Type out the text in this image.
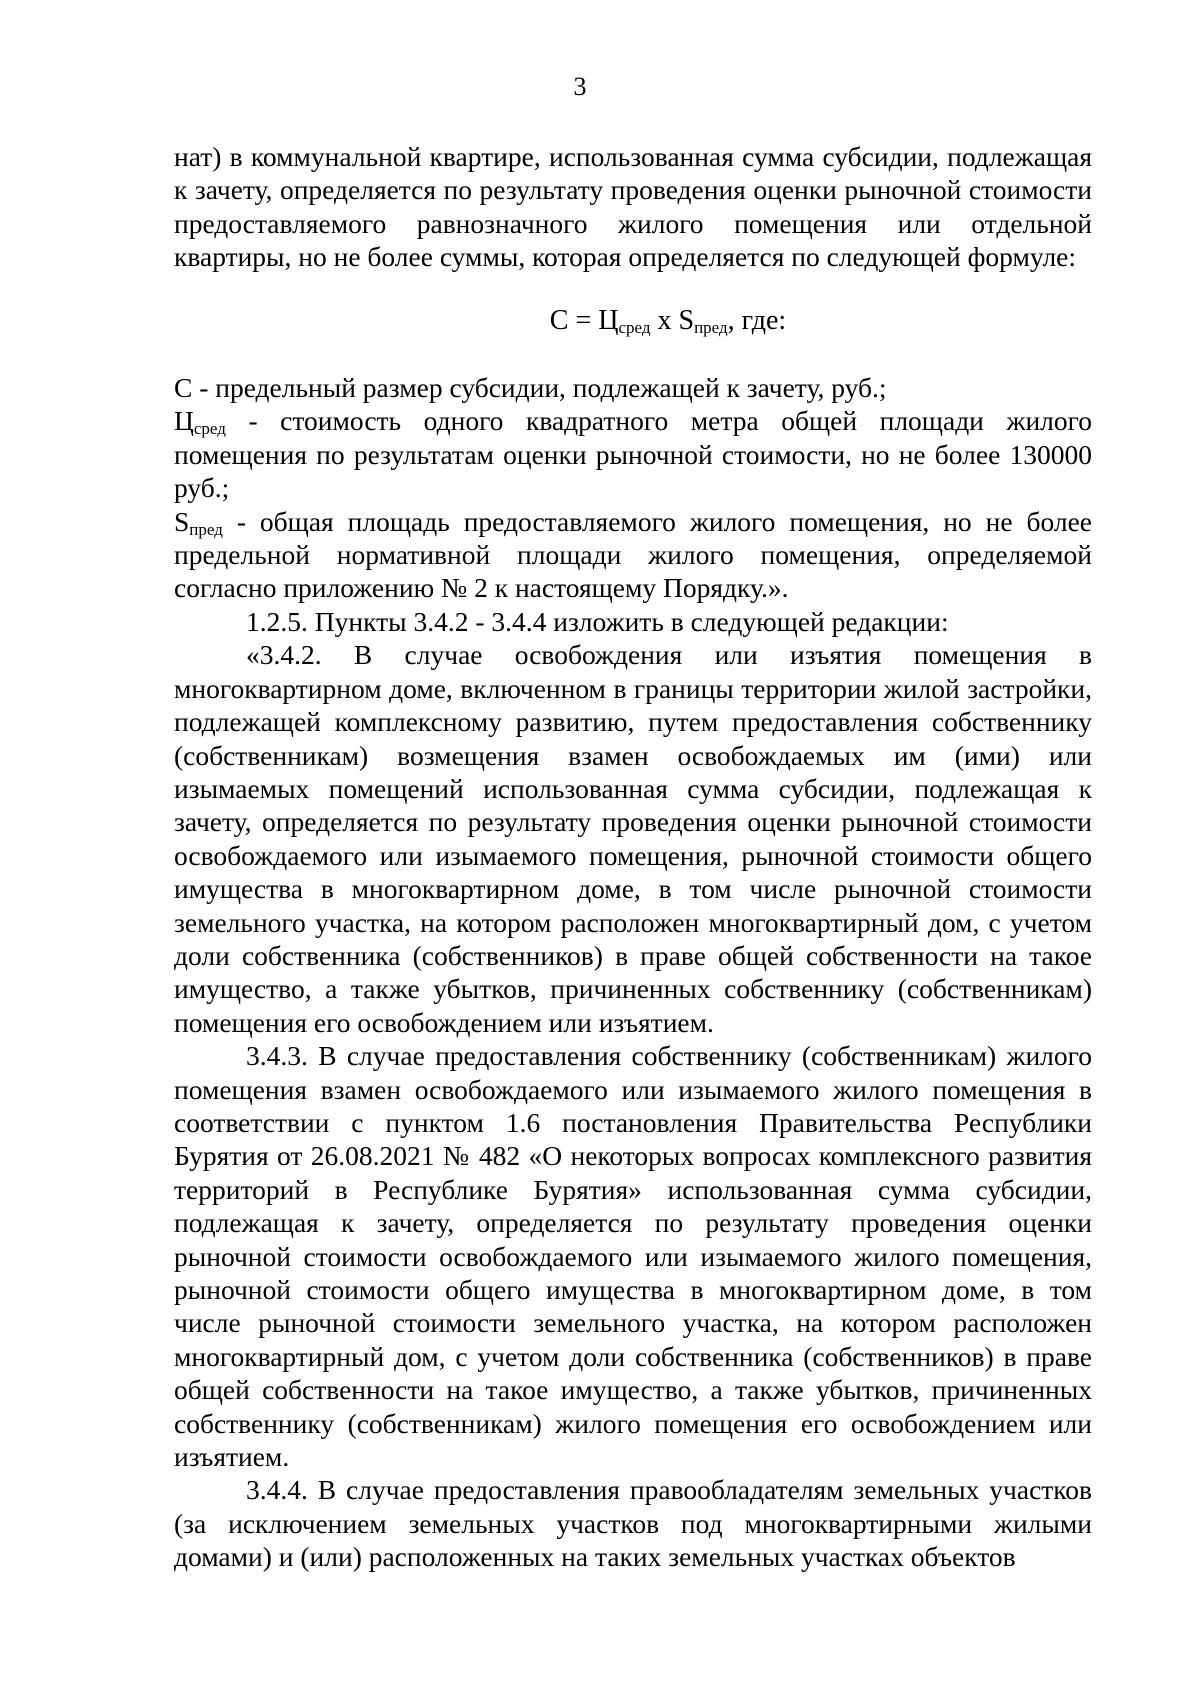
3

нат) в коммунальной квартире, использованная сумма субсидии, подлежащая к зачету, определяется по результату проведения оценки рыночной стоимости предоставляемого равнозначного жилого помещения или отдельной квартиры, но не более суммы, которая определяется по следующей формуле:

$С = Ц_{сред}$ x $S_{пред}$, где:

С - предельный размер субсидии, подлежащей к зачету, руб.;

$Ц_{сред}$ - стоимость одного квадратного метра общей площади жилого помещения по результатам оценки рыночной стоимости, но не более 130000 руб.;

$S_{пред}$ - общая площадь предоставляемого жилого помещения, но не более предельной нормативной площади жилого помещения, определяемой согласно приложению № 2 к настоящему Порядку.».

1.2.5. Пункты 3.4.2 - 3.4.4 изложить в следующей редакции:

«3.4.2. В случае освобождения или изъятия помещения в многоквартирном доме, включенном в границы территории жилой застройки, подлежащей комплексному развитию, путем предоставления собственнику (собственникам) возмещения взамен освобождаемых им (ими) или изымаемых помещений использованная сумма субсидии, подлежащая к зачету, определяется по результату проведения оценки рыночной стоимости освобождаемого или изымаемого помещения, рыночной стоимости общего имущества в многоквартирном доме, в том числе рыночной стоимости земельного участка, на котором расположен многоквартирный дом, с учетом доли собственника (собственников) в праве общей собственности на такое имущество, а также убытков, причиненных собственнику (собственникам) помещения его освобождением или изъятием.

3.4.3. В случае предоставления собственнику (собственникам) жилого помещения взамен освобождаемого или изымаемого жилого помещения в соответствии с пунктом 1.6 постановления Правительства Республики Бурятия от 26.08.2021 № 482 «О некоторых вопросах комплексного развития территорий в Республике Бурятия» использованная сумма субсидии, подлежащая к зачету, определяется по результату проведения оценки рыночной стоимости освобождаемого или изымаемого жилого помещения, рыночной стоимости общего имущества в многоквартирном доме, в том числе рыночной стоимости земельного участка, на котором расположен многоквартирный дом, с учетом доли собственника (собственников) в праве общей собственности на такое имущество, а также убытков, причиненных собственнику (собственникам) жилого помещения его освобождением или изъятием.

3.4.4. В случае предоставления правообладателям земельных участков (за исключением земельных участков под многоквартирными жилыми домами) и (или) расположенных на таких земельных участках объектов
